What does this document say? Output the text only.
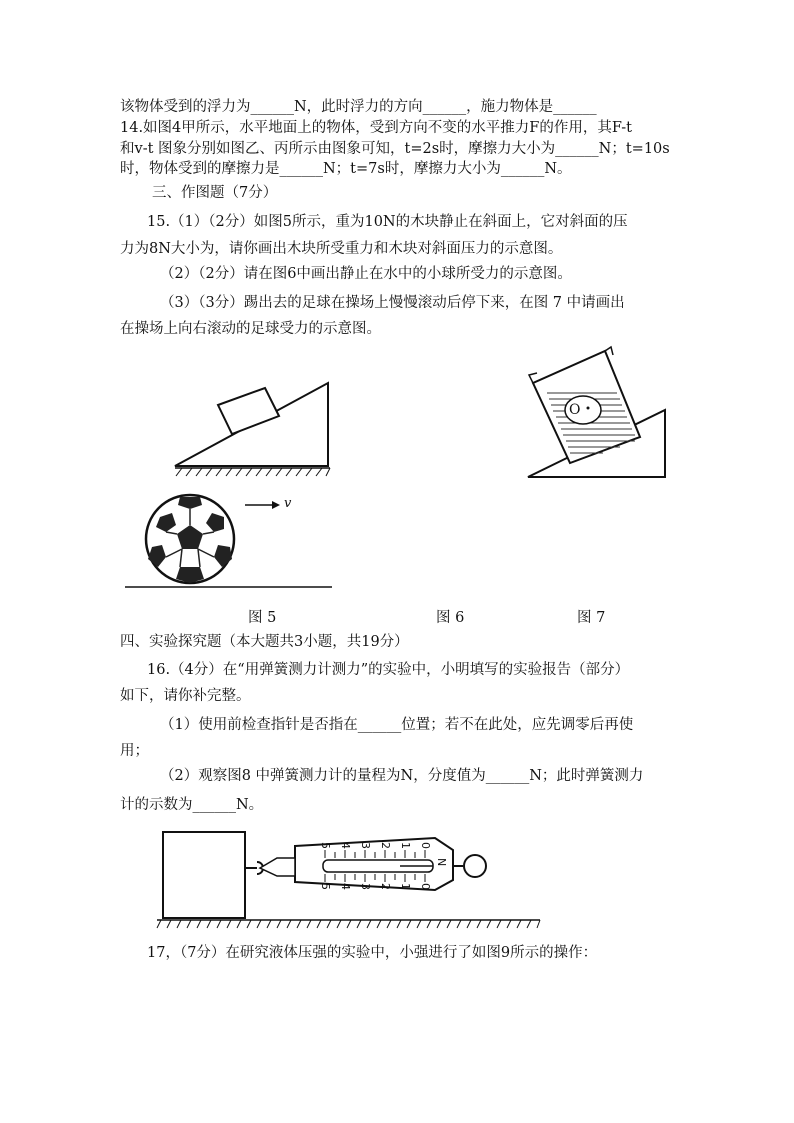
该物体受到的浮力为______N，此时浮力的方向______，施力物体是______
14.如图4甲所示，水平地面上的物体，受到方向不变的水平推力F的作用，其F-t
和v-t 图象分别如图乙、丙所示由图象可知，t=2s时，摩擦力大小为______N；t=10s
时，物体受到的摩擦力是______N；t=7s时，摩擦力大小为______N。
三、作图题（7分）
15.（1）（2分）如图5所示，重为10N的木块静止在斜面上，它对斜面的压
力为8N大小为，请你画出木块所受重力和木块对斜面压力的示意图。
（2）（2分）请在图6中画出静止在水中的小球所受力的示意图。
（3）（3分）踢出去的足球在操场上慢慢滚动后停下来，在图 7 中请画出
在操场上向右滚动的足球受力的示意图。
O
v
图 5	图 6	图 7
四、实验探究题（本大题共3小题，共19分）
16.（4分）在“用弹簧测力计测力”的实验中，小明填写的实验报告（部分）
如下，请你补完整。
（1）使用前检查指针是否指在______位置；若不在此处，应先调零后再使
用；
（2）观察图8 中弹簧测力计的量程为N，分度值为______N；此时弹簧测力
计的示数为______N。
5 4 3 2 1 0
5 4 3 2 1 0
N
17，（7分）在研究液体压强的实验中，小强进行了如图9所示的操作：
